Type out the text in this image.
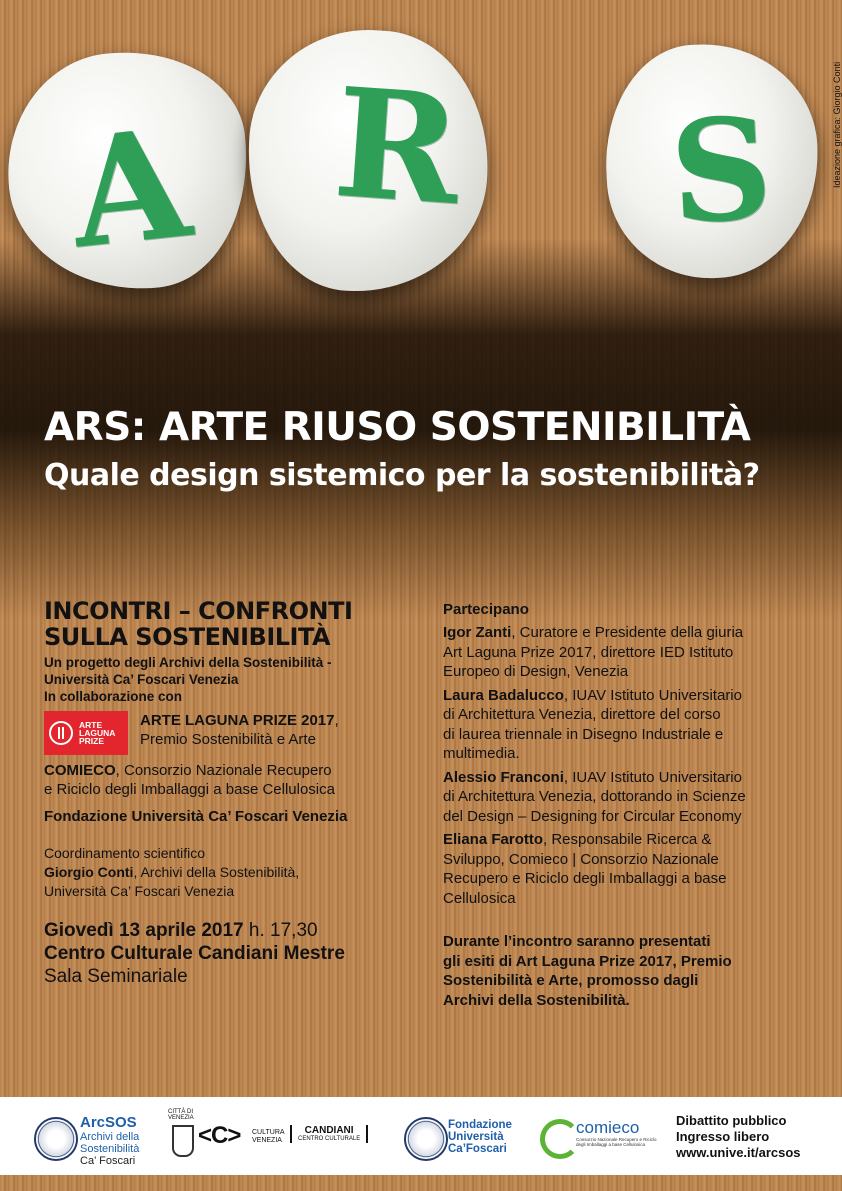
A R S	Ideazione grafica: Giorgio Conti
ARS: ARTE RIUSO SOSTENIBILITÀ
Quale design sistemico per la sostenibilità?
INCONTRI – CONFRONTI
SULLA SOSTENIBILITÀ
Un progetto degli Archivi della Sostenibilità -
Università Ca’ Foscari Venezia
In collaborazione con
ARTE
LAGUNA
PRIZE
ARTE LAGUNA PRIZE 2017,
Premio Sostenibilità e Arte
COMIECO, Consorzio Nazionale Recupero
e Riciclo degli Imballaggi a base Cellulosica
Fondazione Università Ca’ Foscari Venezia
Coordinamento scientifico
Giorgio Conti, Archivi della Sostenibilità,
Università Ca’ Foscari Venezia
Giovedì 13 aprile 2017 h. 17,30
Centro Culturale Candiani Mestre
Sala Seminariale
Partecipano
Igor Zanti, Curatore e Presidente della giuria
Art Laguna Prize 2017, direttore IED Istituto
Europeo di Design, Venezia
Laura Badalucco, IUAV Istituto Universitario
di Architettura Venezia, direttore del corso
di laurea triennale in Disegno Industriale e
multimedia.
Alessio Franconi, IUAV Istituto Universitario
di Architettura Venezia, dottorando in Scienze
del Design – Designing for Circular Economy
Eliana Farotto, Responsabile Ricerca &
Sviluppo, Comieco | Consorzio Nazionale
Recupero e Riciclo degli Imballaggi a base
Cellulosica
Durante l’incontro saranno presentati
gli esiti di Art Laguna Prize 2017, Premio
Sostenibilità e Arte, promosso dagli
Archivi della Sostenibilità.
ArcSOS
Archivi della
Sostenibilità
Ca’ Foscari
CITTÀ DI VENEZIA
<C> CULTURA
VENEZIA
CANDIANI
CENTRO CULTURALE
Fondazione
Università
Ca’Foscari
comieco
Consorzio Nazionale Recupero e Riciclo degli Imballaggi a base Cellulosica
Dibattito pubblico
Ingresso libero
www.unive.it/arcsos
